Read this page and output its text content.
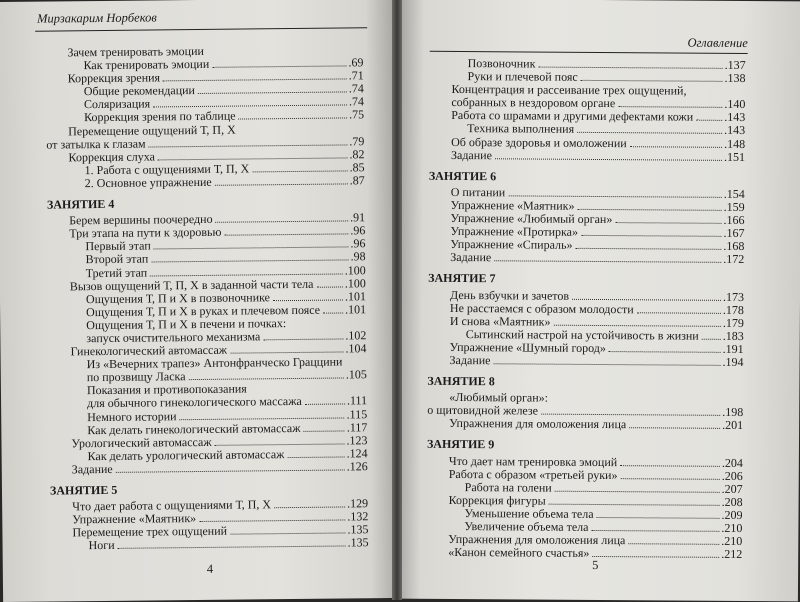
Мирзакарим Норбеков
Зачем тренировать эмоции
Как тренировать эмоции	.69
Коррекция зрения	.71
Общие рекомендации	.74
Соляризация	.74
Коррекция зрения по таблице	.75
Перемещение ощущений Т, П, Х
от затылка к глазам	.79
Коррекция слуха	.82
1. Работа с ощущениями Т, П, Х	.85
2. Основное упражнение	.87
ЗАНЯТИЕ 4
Берем вершины поочередно	.91
Три этапа на пути к здоровью	.96
Первый этап	.96
Второй этап	.98
Третий этап	.100
Вызов ощущений Т, П, Х в заданной части тела	.100
Ощущения Т, П и Х в позвоночнике	.101
Ощущения Т, П и Х в руках и плечевом поясе .101
Ощущения Т, П и Х в печени и почках:
запуск очистительного механизма	.102
Гинекологический автомассаж	.104
Из «Вечерних трапез» Антонфранческо Граццини
по прозвищу Ласка	.105
Показания и противопоказания
для обычного гинекологического массажа	.111
Немного истории	.115
Как делать гинекологический автомассаж	.117
Урологический автомассаж	.123
Как делать урологический автомассаж	.124
Задание	.126
ЗАНЯТИЕ 5
Что дает работа с ощущениями Т, П, Х	.129
Упражнение «Маятник»	.132
Перемещение трех ощущений	.135
Ноги	.135
4
Оглавление
Позвоночник	.137
Руки и плечевой пояс	.138
Концентрация и рассеивание трех ощущений,
собранных в нездоровом органе	.140
Работа со шрамами и другими дефектами кожи	.143
Техника выполнения	.143
Об образе здоровья и омоложении	.148
Задание	.151
ЗАНЯТИЕ 6
О питании	.154
Упражнение «Маятник»	.159
Упражнение «Любимый орган»	.166
Упражнение «Протирка»	.167
Упражнение «Спираль»	.168
Задание	.172
ЗАНЯТИЕ 7
День взбучки и зачетов	.173
Не расстаемся с образом молодости	.178
И снова «Маятник»	.179
Сытинский настрой на устойчивость в жизни .183
Упражнение «Шумный город»	.191
Задание	.194
ЗАНЯТИЕ 8
«Любимый орган»:
о щитовидной железе	.198
Упражнения для омоложения лица	.201
ЗАНЯТИЕ 9
Что дает нам тренировка эмоций	.204
Работа с образом «третьей руки»	.206
Работа на голени	.207
Коррекция фигуры	.208
Уменьшение объема тела	.209
Увеличение объема тела	.210
Упражнения для омоложения лица	.210
«Канон семейного счастья»	.212
5
